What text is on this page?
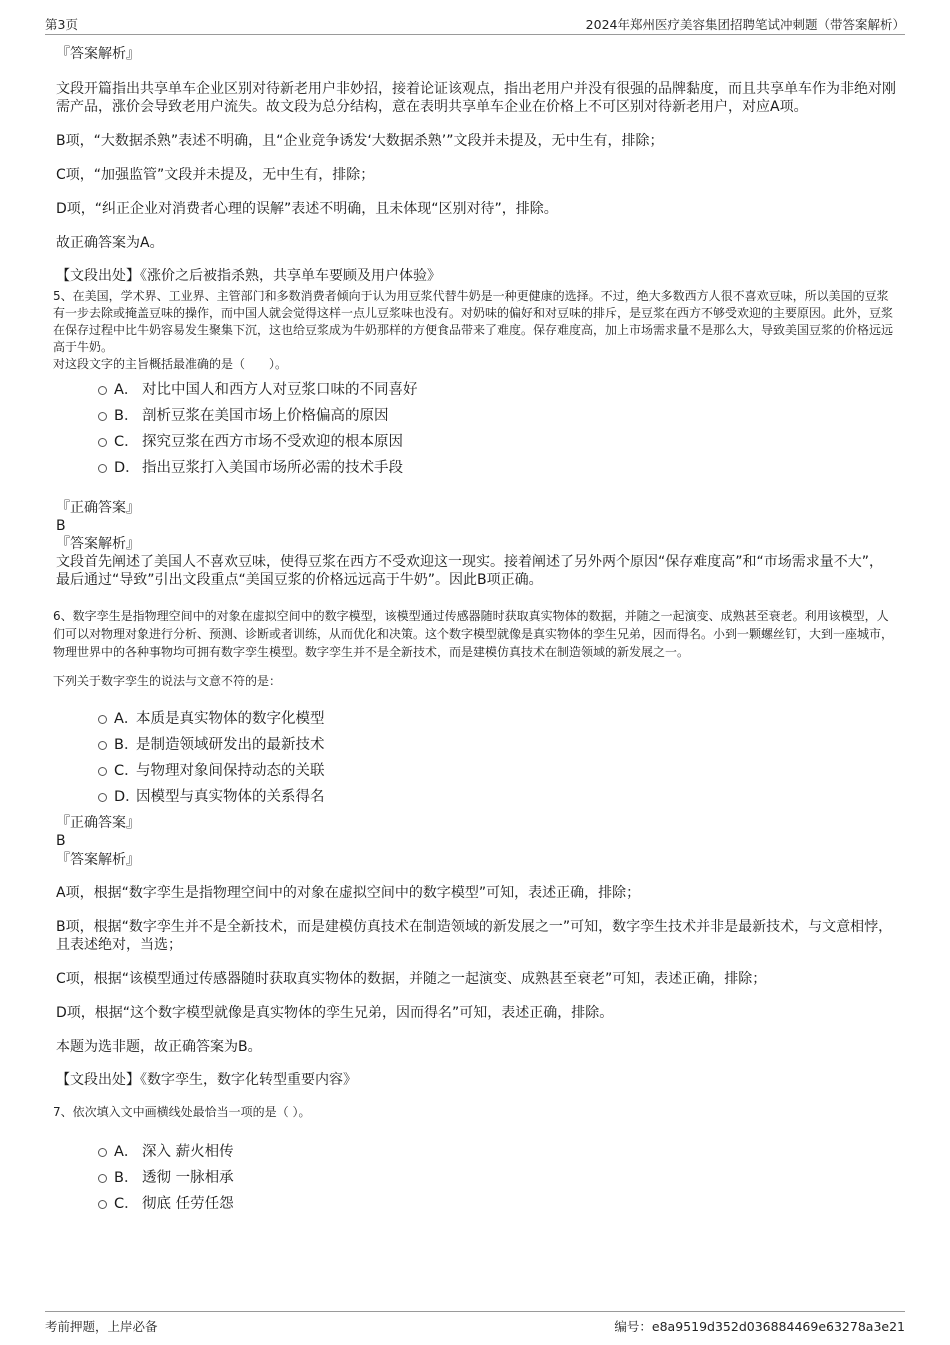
第3页	2024年郑州医疗美容集团招聘笔试冲刺题（带答案解析）

『答案解析』

文段开篇指出共享单车企业区别对待新老用户非妙招，接着论证该观点，指出老用户并没有很强的品牌黏度，而且共享单车作为非绝对刚需产品，涨价会导致老用户流失。故文段为总分结构，意在表明共享单车企业在价格上不可区别对待新老用户，对应A项。

B项，“大数据杀熟”表述不明确，且“企业竞争诱发‘大数据杀熟’”文段并未提及，无中生有，排除；

C项，“加强监管”文段并未提及，无中生有，排除；

D项，“纠正企业对消费者心理的误解”表述不明确，且未体现“区别对待”，排除。

故正确答案为A。

【文段出处】《涨价之后被指杀熟，共享单车要顾及用户体验》

5、在美国，学术界、工业界、主管部门和多数消费者倾向于认为用豆浆代替牛奶是一种更健康的选择。不过，绝大多数西方人很不喜欢豆味，所以美国的豆浆有一步去除或掩盖豆味的操作，而中国人就会觉得这样一点儿豆浆味也没有。对奶味的偏好和对豆味的排斥，是豆浆在西方不够受欢迎的主要原因。此外，豆浆在保存过程中比牛奶容易发生聚集下沉，这也给豆浆成为牛奶那样的方便食品带来了难度。保存难度高，加上市场需求量不是那么大，导致美国豆浆的价格远远高于牛奶。

对这段文字的主旨概括最准确的是（　　）。

A． 对比中国人和西方人对豆浆口味的不同喜好
B． 剖析豆浆在美国市场上价格偏高的原因
C． 探究豆浆在西方市场不受欢迎的根本原因
D． 指出豆浆打入美国市场所必需的技术手段

『正确答案』

B

『答案解析』

文段首先阐述了美国人不喜欢豆味，使得豆浆在西方不受欢迎这一现实。接着阐述了另外两个原因“保存难度高”和“市场需求量不大”，最后通过“导致”引出文段重点“美国豆浆的价格远远高于牛奶”。因此B项正确。

6、数字孪生是指物理空间中的对象在虚拟空间中的数字模型，该模型通过传感器随时获取真实物体的数据，并随之一起演变、成熟甚至衰老。利用该模型，人们可以对物理对象进行分析、预测、诊断或者训练，从而优化和决策。这个数字模型就像是真实物体的孪生兄弟，因而得名。小到一颗螺丝钉，大到一座城市，物理世界中的各种事物均可拥有数字孪生模型。数字孪生并不是全新技术，而是建模仿真技术在制造领域的新发展之一。

下列关于数字孪生的说法与文意不符的是：

A．本质是真实物体的数字化模型
B．是制造领域研发出的最新技术
C．与物理对象间保持动态的关联
D．因模型与真实物体的关系得名

『正确答案』

B

『答案解析』

A项，根据“数字孪生是指物理空间中的对象在虚拟空间中的数字模型”可知，表述正确，排除；

B项，根据“数字孪生并不是全新技术，而是建模仿真技术在制造领域的新发展之一”可知，数字孪生技术并非是最新技术，与文意相悖，且表述绝对，当选；

C项，根据“该模型通过传感器随时获取真实物体的数据，并随之一起演变、成熟甚至衰老”可知，表述正确，排除；

D项，根据“这个数字模型就像是真实物体的孪生兄弟，因而得名”可知，表述正确，排除。

本题为选非题，故正确答案为B。

【文段出处】《数字孪生，数字化转型重要内容》

7、依次填入文中画横线处最恰当一项的是（ ）。

A． 深入 薪火相传
B． 透彻 一脉相承
C． 彻底 任劳任怨
考前押题，上岸必备	编号：e8a9519d352d036884469e63278a3e21
